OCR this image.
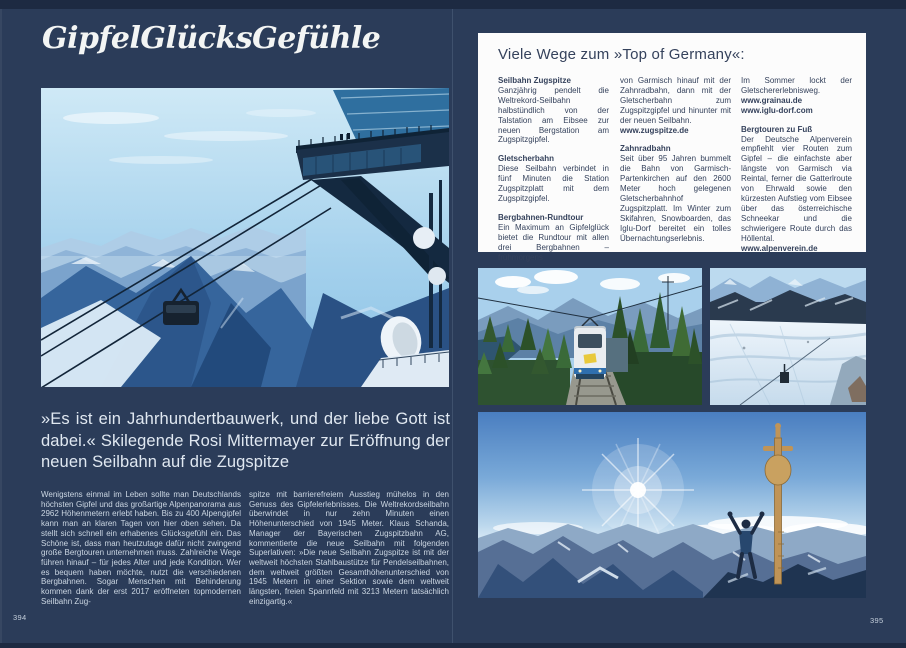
GipfelGlücksGefühle
»Es ist ein Jahrhundertbauwerk, und der liebe Gott ist dabei.« Skilegende Rosi Mittermayer zur Eröffnung der neuen Seilbahn auf die Zugspitze
Wenigstens einmal im Leben sollte man Deutschlands höchsten Gipfel und das großartige Alpenpanorama aus 2962 Höhenmetern erlebt haben. Bis zu 400 Alpengipfel kann man an klaren Tagen von hier oben sehen. Da stellt sich schnell ein erhabenes Glücksgefühl ein. Das Schöne ist, dass man heutzutage dafür nicht zwingend große Bergtouren unternehmen muss. Zahlreiche Wege führen hinauf – für jedes Alter und jede Kondition. Wer es bequem haben möchte, nutzt die verschiedenen Bergbahnen. Sogar Menschen mit Behinderung kommen dank der erst 2017 eröffneten topmodernen Seilbahn Zug-
spitze mit barrierefreiem Ausstieg mühelos in den Genuss des Gipfelerlebnisses. Die Weltrekordseilbahn überwindet in nur zehn Minuten einen Höhenunterschied von 1945 Meter. Klaus Schanda, Manager der Bayerischen Zugspitzbahn AG, kommentierte die neue Seilbahn mit folgenden Superlativen: »Die neue Seilbahn Zugspitze ist mit der weltweit höchsten Stahlbaustütze für Pendelseilbahnen, dem weltweit größten Gesamthöhenunterschied von 1945 Metern in einer Sektion sowie dem weltweit längsten, freien Spannfeld mit 3213 Metern tatsächlich einzigartig.«
394
Viele Wege zum »Top of Germany«:
Seilbahn Zugspitze

Ganzjährig pendelt die Weltrekord-Seilbahn halbstündlich von der Talstation am Eibsee zur neuen Bergstation am Zugspitzgipfel.

Gletscherbahn

Diese Seilbahn verbindet in fünf Minuten die Station Zugspitzplatt mit dem Zugspitzgipfel.

Bergbahnen-Rundtour

Ein Maximum an Gipfelglück bietet die Rundtour mit allen drei Bergbahnen – frühmorgens

von Garmisch hinauf mit der Zahnradbahn, dann mit der Gletscherbahn zum Zugspitzgipfel und hinunter mit der neuen Seilbahn.

www.zugspitze.de
Zahnradbahn

Seit über 95 Jahren bummelt die Bahn von Garmisch-Partenkirchen auf den 2600 Meter hoch gelegenen Gletscherbahnhof Zugspitzplatt. Im Winter zum Skifahren, Snowboarden, das Iglu-Dorf bereitet ein tolles Übernachtungserlebnis.

Im Sommer lockt der Gletschererlebnisweg.

www.grainau.de
www.iglu-dorf.com
Bergtouren zu Fuß

Der Deutsche Alpenverein empfiehlt vier Routen zum Gipfel – die einfachste aber längste von Garmisch via Reintal, ferner die Gatterlroute von Ehrwald sowie den kürzesten Aufstieg vom Eibsee über das österreichische Schneekar und die schwierigere Route durch das Höllental.

www.alpenverein.de
395
